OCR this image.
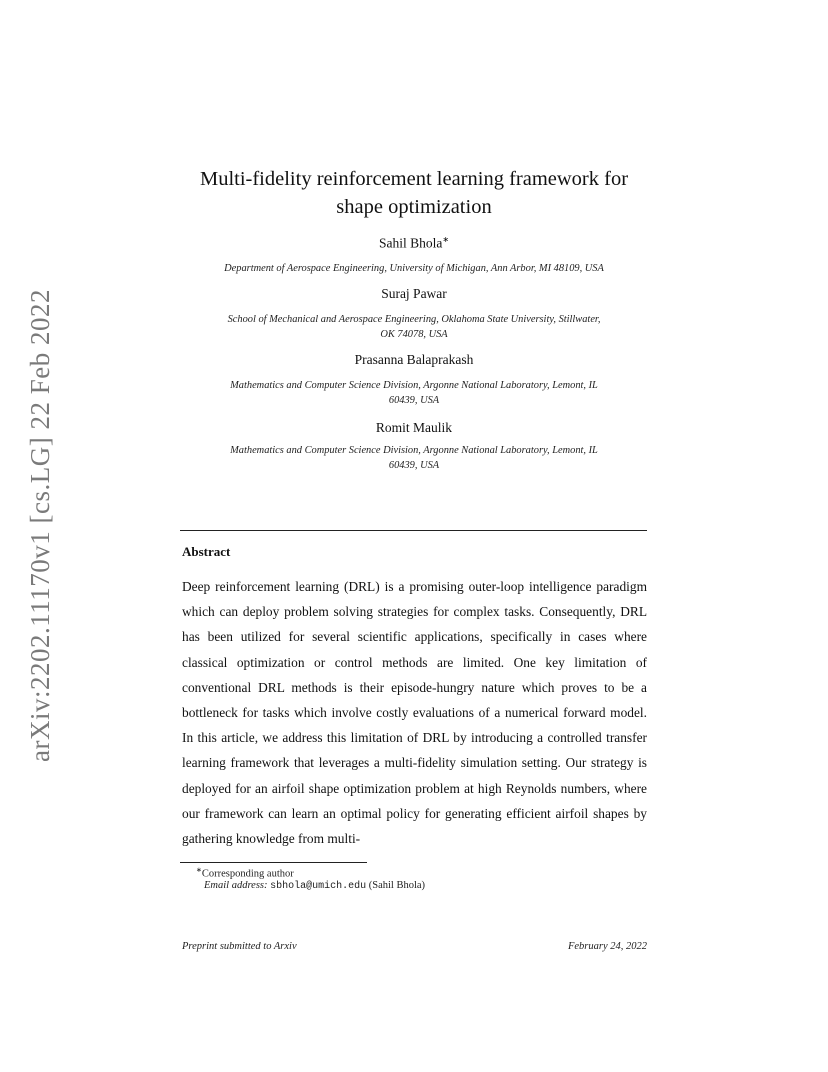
arXiv:2202.11170v1 [cs.LG] 22 Feb 2022
Multi-fidelity reinforcement learning framework for
shape optimization
Sahil Bhola∗
Department of Aerospace Engineering, University of Michigan, Ann Arbor, MI 48109, USA
Suraj Pawar
School of Mechanical and Aerospace Engineering, Oklahoma State University, Stillwater,
OK 74078, USA
Prasanna Balaprakash
Mathematics and Computer Science Division, Argonne National Laboratory, Lemont, IL
60439, USA
Romit Maulik
Mathematics and Computer Science Division, Argonne National Laboratory, Lemont, IL
60439, USA
Abstract
Deep reinforcement learning (DRL) is a promising outer-loop intelligence paradigm which can deploy problem solving strategies for complex tasks. Consequently, DRL has been utilized for several scientific applications, specifically in cases where classical optimization or control methods are limited. One key limitation of conventional DRL methods is their episode-hungry nature which proves to be a bottleneck for tasks which involve costly evaluations of a numerical forward model. In this article, we address this limitation of DRL by introducing a controlled transfer learning framework that leverages a multi-fidelity simulation setting. Our strategy is deployed for an airfoil shape optimization problem at high Reynolds numbers, where our framework can learn an optimal policy for generating efficient airfoil shapes by gathering knowledge from multi-
∗Corresponding author
Email address: sbhola@umich.edu (Sahil Bhola)
Preprint submitted to Arxiv	February 24, 2022
